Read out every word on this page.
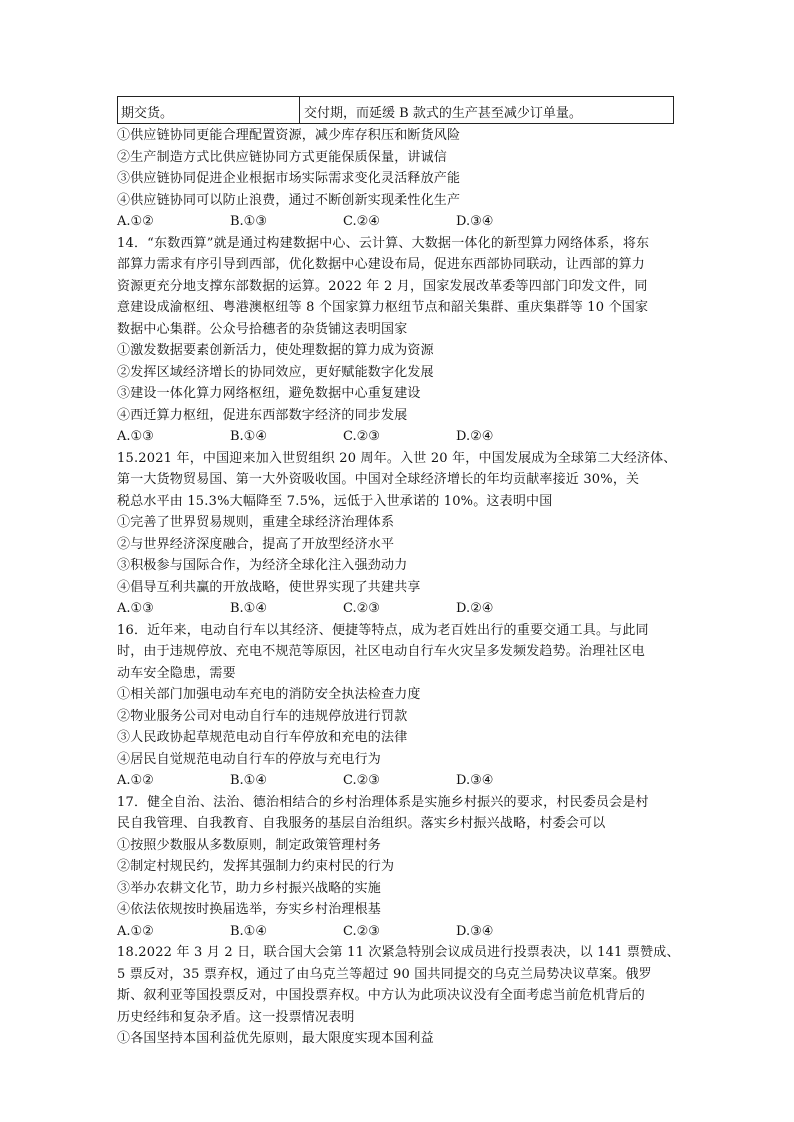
期交货。	交付期，而延缓 B 款式的生产甚至减少订单量。
①供应链协同更能合理配置资源，减少库存积压和断货风险
②生产制造方式比供应链协同方式更能保质保量，讲诚信
③供应链协同促进企业根据市场实际需求变化灵活释放产能
④供应链协同可以防止浪费，通过不断创新实现柔性化生产
A.①②	B.①③	C.②④	D.③④
14．“东数西算”就是通过构建数据中心、云计算、大数据一体化的新型算力网络体系，将东
部算力需求有序引导到西部，优化数据中心建设布局，促进东西部协同联动，让西部的算力
资源更充分地支撑东部数据的运算。2022 年 2 月，国家发展改革委等四部门印发文件，同
意建设成渝枢纽、粤港澳枢纽等 8 个国家算力枢纽节点和韶关集群、重庆集群等 10 个国家
数据中心集群。公众号拾穗者的杂货铺这表明国家
①激发数据要素创新活力，使处理数据的算力成为资源
②发挥区域经济增长的协同效应，更好赋能数字化发展
③建设一体化算力网络枢纽，避免数据中心重复建设
④西迁算力枢纽，促进东西部数字经济的同步发展
A.①③	B.①④	C.②③	D.②④
15.2021 年，中国迎来加入世贸组织 20 周年。入世 20 年，中国发展成为全球第二大经济体、
第一大货物贸易国、第一大外资吸收国。中国对全球经济增长的年均贡献率接近 30%，关
税总水平由 15.3%大幅降至 7.5%，远低于入世承诺的 10%。这表明中国
①完善了世界贸易规则，重建全球经济治理体系
②与世界经济深度融合，提高了开放型经济水平
③积极参与国际合作，为经济全球化注入强劲动力
④倡导互利共赢的开放战略，使世界实现了共建共享
A.①③	B.①④	C.②③	D.②④
16．近年来，电动自行车以其经济、便捷等特点，成为老百姓出行的重要交通工具。与此同
时，由于违规停放、充电不规范等原因，社区电动自行车火灾呈多发频发趋势。治理社区电
动车安全隐患，需要
①相关部门加强电动车充电的消防安全执法检查力度
②物业服务公司对电动自行车的违规停放进行罚款
③人民政协起草规范电动自行车停放和充电的法律
④居民自觉规范电动自行车的停放与充电行为
A.①②	B.①④	C.②③	D.③④
17．健全自治、法治、德治相结合的乡村治理体系是实施乡村振兴的要求，村民委员会是村
民自我管理、自我教育、自我服务的基层自治组织。落实乡村振兴战略，村委会可以
①按照少数服从多数原则，制定政策管理村务
②制定村规民约，发挥其强制力约束村民的行为
③举办农耕文化节，助力乡村振兴战略的实施
④依法依规按时换届选举，夯实乡村治理根基
A.①②	B.①④	C.②③	D.③④
18.2022 年 3 月 2 日，联合国大会第 11 次紧急特别会议成员进行投票表决，以 141 票赞成、
5 票反对，35 票弃权，通过了由乌克兰等超过 90 国共同提交的乌克兰局势决议草案。俄罗
斯、叙利亚等国投票反对，中国投票弃权。中方认为此项决议没有全面考虑当前危机背后的
历史经纬和复杂矛盾。这一投票情况表明
①各国坚持本国利益优先原则，最大限度实现本国利益
